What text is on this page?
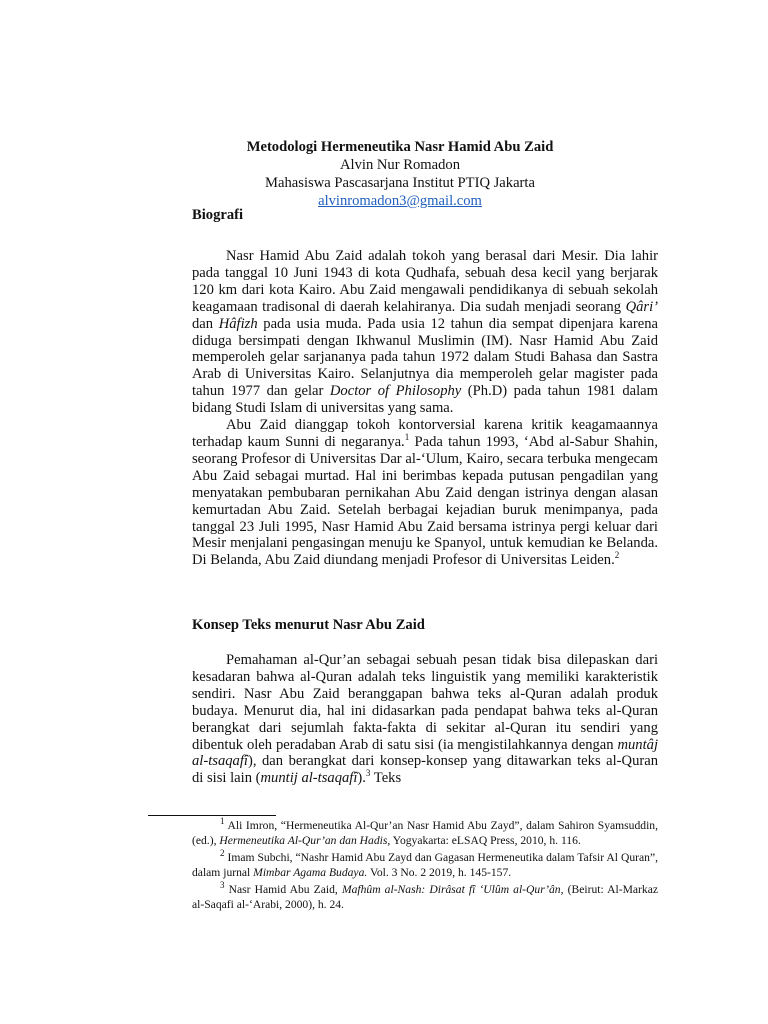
Metodologi Hermeneutika Nasr Hamid Abu Zaid
Alvin Nur Romadon
Mahasiswa Pascasarjana Institut PTIQ Jakarta
alvinromadon3@gmail.com
Biografi

Nasr Hamid Abu Zaid adalah tokoh yang berasal dari Mesir. Dia lahir pada tanggal 10 Juni 1943 di kota Qudhafa, sebuah desa kecil yang berjarak 120 km dari kota Kairo. Abu Zaid mengawali pendidikanya di sebuah sekolah keagamaan tradisonal di daerah kelahiranya. Dia sudah menjadi seorang Qâri’ dan Hâfizh pada usia muda. Pada usia 12 tahun dia sempat dipenjara karena diduga bersimpati dengan Ikhwanul Muslimin (IM). Nasr Hamid Abu Zaid memperoleh gelar sarjananya pada tahun 1972 dalam Studi Bahasa dan Sastra Arab di Universitas Kairo. Selanjutnya dia memperoleh gelar magister pada tahun 1977 dan gelar Doctor of Philosophy (Ph.D) pada tahun 1981 dalam bidang Studi Islam di universitas yang sama.

Abu Zaid dianggap tokoh kontorversial karena kritik keagamaannya terhadap kaum Sunni di negaranya.$^1$ Pada tahun 1993, ‘Abd al-Sabur Shahin, seorang Profesor di Universitas Dar al-‘Ulum, Kairo, secara terbuka mengecam Abu Zaid sebagai murtad. Hal ini berimbas kepada putusan pengadilan yang menyatakan pembubaran pernikahan Abu Zaid dengan istrinya dengan alasan kemurtadan Abu Zaid. Setelah berbagai kejadian buruk menimpanya, pada tanggal 23 Juli 1995, Nasr Hamid Abu Zaid bersama istrinya pergi keluar dari Mesir menjalani pengasingan menuju ke Spanyol, untuk kemudian ke Belanda. Di Belanda, Abu Zaid diundang menjadi Profesor di Universitas Leiden.$^2$

Konsep Teks menurut Nasr Abu Zaid

Pemahaman al-Qur’an sebagai sebuah pesan tidak bisa dilepaskan dari kesadaran bahwa al-Quran adalah teks linguistik yang memiliki karakteristik sendiri. Nasr Abu Zaid beranggapan bahwa teks al-Quran adalah produk budaya. Menurut dia, hal ini didasarkan pada pendapat bahwa teks al-Quran berangkat dari sejumlah fakta-fakta di sekitar al-Quran itu sendiri yang dibentuk oleh peradaban Arab di satu sisi (ia mengistilahkannya dengan muntâj al-tsaqafî), dan berangkat dari konsep-konsep yang ditawarkan teks al-Quran di sisi lain (muntij al-tsaqafî).$^3$ Teks

$^1$ Ali Imron, “Hermeneutika Al-Qur’an Nasr Hamid Abu Zayd”, dalam Sahiron Syamsuddin, (ed.), Hermeneutika Al-Qur’an dan Hadis, Yogyakarta: eLSAQ Press, 2010, h. 116.

$^2$ Imam Subchi, “Nashr Hamid Abu Zayd dan Gagasan Hermeneutika dalam Tafsir Al Quran”, dalam jurnal Mimbar Agama Budaya. Vol. 3 No. 2 2019, h. 145-157.

$^3$ Nasr Hamid Abu Zaid, Mafhûm al-Nash: Dirâsat fî ‘Ulûm al-Qur’ân, (Beirut: Al-Markaz al-Saqafi al-‘Arabi, 2000), h. 24.
